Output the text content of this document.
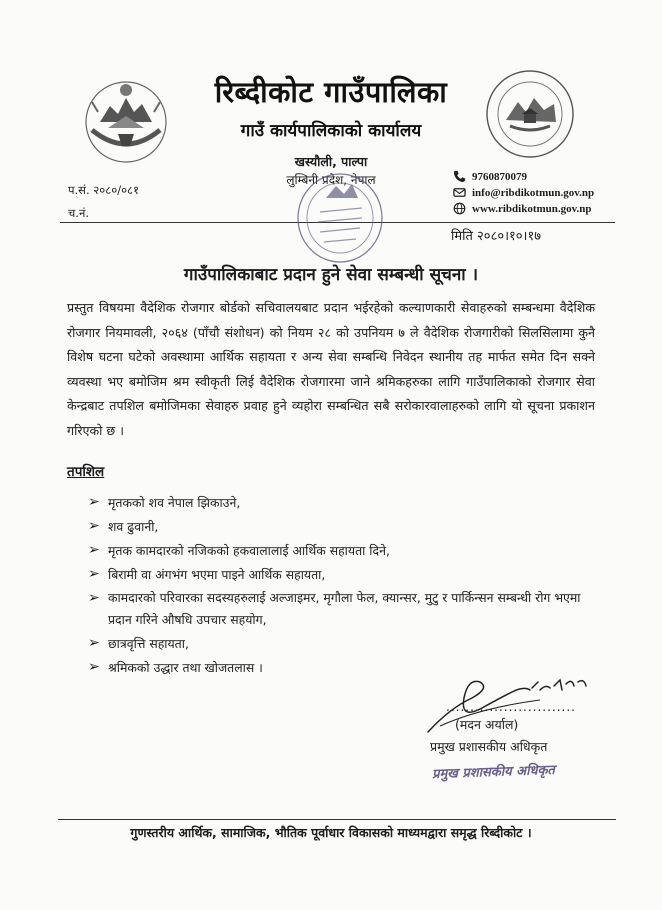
रिब्दीकोट गाउँपालिका
गाउँ कार्यपालिकाको कार्यालय
खस्यौली, पाल्पा
लुम्बिनी प्रदेश, नेपाल
प.सं. २०८०/०८१
च.नं.
9760870079
info@ribdikotmun.gov.np
www.ribdikotmun.gov.np
मिति २०८०।१०।१७
गाउँपालिकाबाट प्रदान हुने सेवा सम्बन्धी सूचना ।
प्रस्तुत विषयमा वैदेशिक रोजगार बोर्डको सचिवालयबाट प्रदान भईरहेको कल्याणकारी सेवाहरुको सम्बन्धमा वैदेशिक रोजगार नियमावली, २०६४ (पाँचौ संशोधन) को नियम २८ को उपनियम ७ ले वैदेशिक रोजगारीको सिलसिलामा कुनै विशेष घटना घटेको अवस्थामा आर्थिक सहायता र अन्य सेवा सम्बन्धि निवेदन स्थानीय तह मार्फत समेत दिन सक्ने व्यवस्था भए बमोजिम श्रम स्वीकृती लिई वैदेशिक रोजगारमा जाने श्रमिकहरुका लागि गाउँपालिकाको रोजगार सेवा केन्द्रबाट तपशिल बमोजिमका सेवाहरु प्रवाह हुने व्यहोरा सम्बन्धित सबै सरोकारवालाहरुको लागि यो सूचना प्रकाशन गरिएको छ ।
तपशिल
➢ मृतकको शव नेपाल झिकाउने,
➢ शव ढुवानी,
➢ मृतक कामदारको नजिकको हकवालालाई आर्थिक सहायता दिने,
➢ बिरामी वा अंगभंग भएमा पाइने आर्थिक सहायता,
➢ कामदारको परिवारका सदस्यहरुलाई अल्जाइमर, मृगौला फेल, क्यान्सर, मुटु र पार्किन्सन सम्बन्धी रोग भएमा प्रदान गरिने औषधि उपचार सहयोग,
➢ छात्रवृत्ति सहायता,
➢ श्रमिकको उद्धार तथा खोजतलास ।
...........................
(मदन अर्याल)
प्रमुख प्रशासकीय अधिकृत
प्रमुख प्रशासकीय अधिकृत
गुणस्तरीय आर्थिक, सामाजिक, भौतिक पूर्वाधार विकासको माध्यमद्वारा समृद्ध रिब्दीकोट ।
